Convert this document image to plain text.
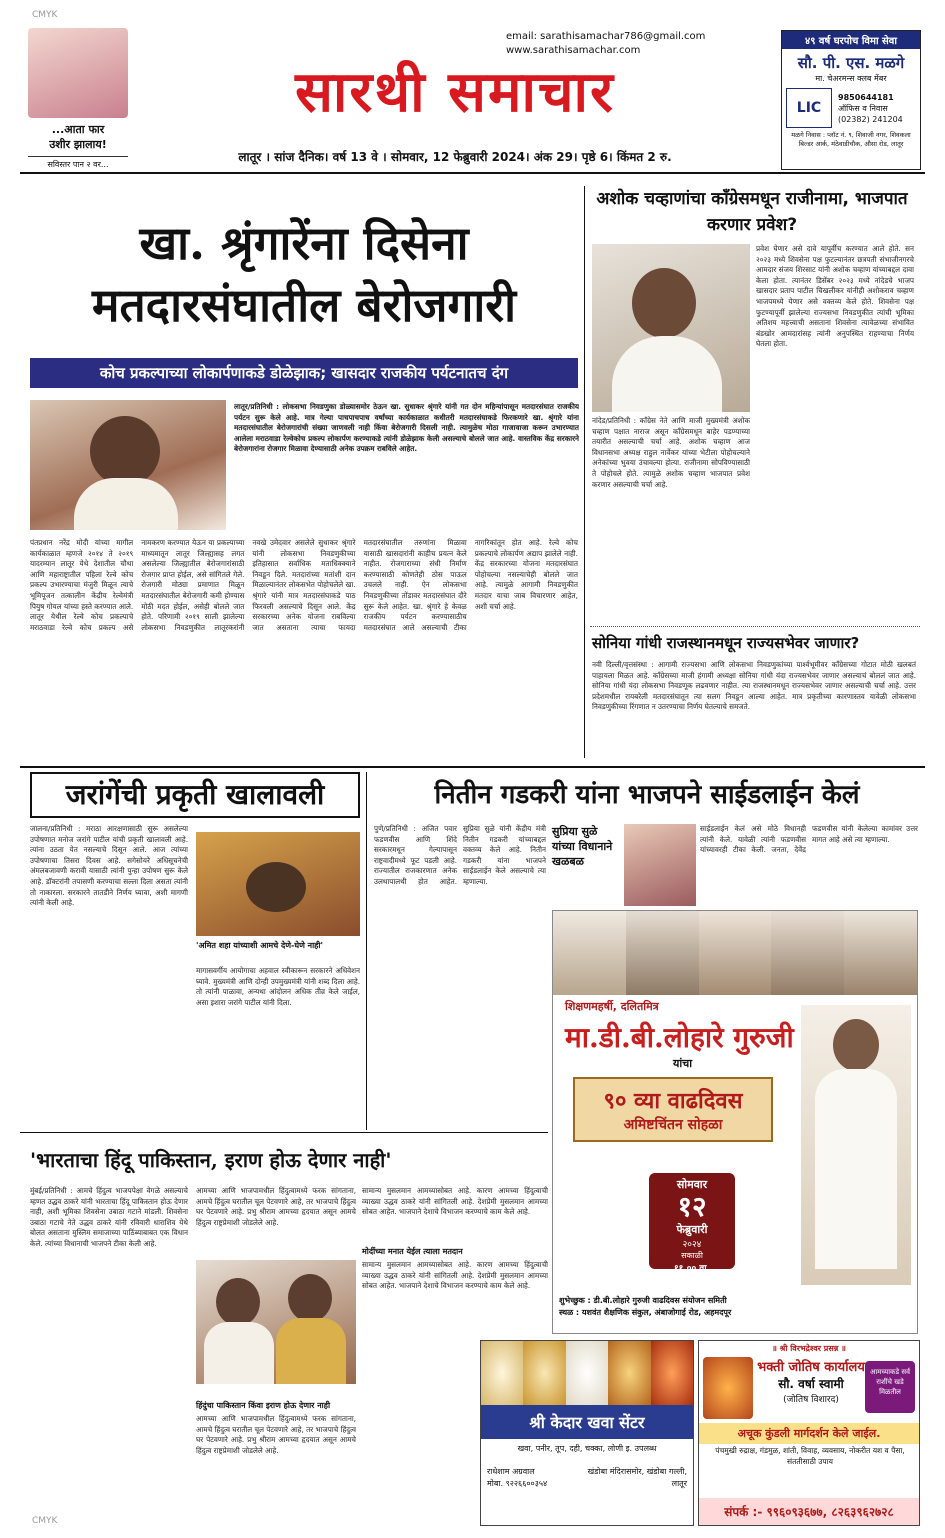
CMYK
...आता फार
उशीर झालाय!
सविस्तर पान २ वर...
email: sarathisamachar786@gmail.com
www.sarathisamachar.com
सारथी समाचार
लातूर । सांज दैनिक। वर्ष 13 वे । सोमवार, 12 फेब्रुवारी 2024। अंक 29। पृष्ठे 6। किंमत 2 रु.
४९ वर्ष घरपोच विमा सेवा
सौ. पी. एस. मळगे
मा. चेअरमन्स क्लब मेंबर
LIC
9850644181
ऑफिस व निवास
(02382) 241204
मळगे निवास : प्लॉट नं. ९, शिवाजी नगर, शिवकला बिल्डर आर्क, मंठेवाडीचौक, औसा रोड, लातूर
खा. श्रृंगारेंना दिसेना
मतदारसंघातील बेरोजगारी
कोच प्रकल्पाच्या लोकार्पणाकडे डोळेझाक; खासदार राजकीय पर्यटनातच दंग
लातूर/प्रतिनिधी : लोकसभा निवडणुका डोळ्यासमोर ठेऊन खा. सुधाकर श्रृंगारे यांनी गत दोन महिन्यांपासून मतदारसंघात राजकीय पर्यटन सुरू केले आहे. मात्र गेल्या पाचपाचपाच वर्षांच्या कार्यकाळात कधीतरी मतदारसंघाकडे फिरकणारे खा. श्रृंगारे यांना मतदारसंघातील बेरोजगारांची संख्या जाणवली नाही किंवा बेरोजगारी दिसली नाही. त्यामुळेच मोठा गाजावाजा करून उभारण्यात आलेला मराठवाडा रेल्वेकोच प्रकल्प लोकार्पण करण्याकडे त्यांनी डोळेझाक केली असल्याचे बोलले जात आहे. वास्तविक केंद्र सरकारने बेरोजगारांना रोजगार मिळावा देण्यासाठी अनेक उपक्रम राबविले आहेत.
पंतप्रधान नरेंद्र मोदी यांच्या मागील कार्यकाळात म्हणजे २०१४ ते २०१९ यादरम्यान लातूर येथे देशातील चौथा आणि महाराष्ट्रातील पहिला रेल्वे कोच प्रकल्प उभारण्याचा मंजुरी मिळून त्याचे भूमिपूजन तत्कालीन केंद्रीय रेल्वेमंत्री पियुष गोयल यांच्या हस्ते करण्यात आले. लातूर येथील रेल्वे कोच प्रकल्पाचे मराठवाडा रेल्वे कोच प्रकल्प असे नामकरण करण्यात येऊन या प्रकल्पाच्या माध्यमातून लातूर जिल्ह्यासह लगत असलेल्या जिल्ह्यातील बेरोजगारांसाठी रोजगार प्राप्त होईल, असे सांगितले गेले. रोजगारी मोठ्या प्रमाणात मिळून मतदारसंघातील बेरोजगारी कमी होण्यास मोठी मदत होईल, असेही बोलले जात होते. परिणामी २०१९ साली झालेल्या लोकसभा निवडणुकीत लातूरकरांनी नवखे उमेदवार असलेले सुधाकर श्रृंगारे यांनी लोकसभा निवडणुकीच्या इतिहासात सर्वाधिक मताधिक्क्याने निवडून दिले. मतदारांच्या मतांशी दान मिळाल्यानंतर लोकसभेत पोहोचलेले खा. श्रृंगारे यांनी मात्र मतदारसंघाकडे पाठ फिरवली असल्याचे दिसून आले. केंद्र सरकारच्या अनेक योजना राबविल्या जात असताना त्याचा फायदा मतदारसंघातील तरुणांना मिळावा यासाठी खासदारांनी काहीच प्रयत्न केले नाहीत. रोजगाराच्या संधी निर्माण करण्यासाठी कोणतेही ठोस पाऊल उचलले नाही. ऐन लोकसभा निवडणुकीच्या तोंडावर मतदारसंघात दौरे सुरू केले आहेत. खा. श्रृंगारे हे केवळ राजकीय पर्यटन करण्यासाठीच मतदारसंघात आले असल्याची टीका नागरिकांतून होत आहे. रेल्वे कोच प्रकल्पाचे लोकार्पण अद्याप झालेले नाही. केंद्र सरकारच्या योजना मतदारसंघात पोहोचल्या नसल्याचेही बोलले जात आहे. त्यामुळे आगामी निवडणुकीत मतदार याचा जाब विचारणार आहेत, अशी चर्चा आहे.
अशोक चव्हाणांचा काँग्रेसमधून राजीनामा, भाजपात करणार प्रवेश?
नांदेड/प्रतिनिधी : काँग्रेस नेते आणि माजी मुख्यमंत्री अशोक चव्हाण पक्षात नाराज असून काँग्रेसमधून बाहेर पडण्याच्या तयारीत असल्याची चर्चा आहे. अशोक चव्हाण आज विधानसभा अध्यक्ष राहुल नार्वेकर यांच्या भेटीला पोहोचल्याने अनेकांच्या भुवया उंचावल्या होत्या. राजीनामा सोपविण्यासाठी ते पोहोचले होते. त्यामुळे अशोक चव्हाण भाजपात प्रवेश करणार असल्याची चर्चा आहे.
प्रवेश घेणार असे दावे यापूर्वीच करण्यात आले होते. सन २०२३ मध्ये शिवसेना पक्ष फुटल्यानंतर छत्रपती संभाजीनगरचे आमदार संजय शिरसाट यांनी अशोक चव्हाण यांच्याबद्दल दावा केला होता. त्यानंतर डिसेंबर २०२३ मध्ये नांदेडचे भाजप खासदार प्रताप पाटील चिखलीकर यांनीही अशोकराव चव्हाण भाजपमध्ये येणार असे वक्तव्य केले होते. शिवसेना पक्ष फुटण्यापूर्वी झालेल्या राज्यसभा निवडणुकीत त्यांची भूमिका अतिशय महत्त्वाची असताना शिवसेना त्यावेळच्या संभावित बंडखोर आमदारांसह त्यांनी अनुपस्थित राहण्याचा निर्णय घेतला होता.
सोनिया गांधी राजस्थानमधून राज्यसभेवर जाणार?
नवी दिल्ली/वृत्तसंस्था : आगामी राज्यसभा आणि लोकसभा निवडणुकांच्या पार्श्वभूमीवर काँग्रेसच्या गोटात मोठी खलबतं पाहायला मिळत आहे. काँग्रेसच्या माजी हंगामी अध्यक्षा सोनिया गांधी यंदा राज्यसभेवर जाणार असल्याचं बोललं जात आहे. सोनिया गांधी यंदा लोकसभा निवडणूक लढवणार नाहीत. त्या राजस्थानमधून राज्यसभेवर जाणार असल्याची चर्चा आहे. उत्तर प्रदेशमधील रायबरेली मतदारसंघातून त्या सलग निवडून आल्या आहेत. मात्र प्रकृतीच्या कारणास्तव यावेळी लोकसभा निवडणुकीच्या रिंगणात न उतरण्याचा निर्णय घेतल्याचे समजते.
जरांगेंची प्रकृती खालावली
जालना/प्रतिनिधी : मराठा आरक्षणासाठी सुरू असलेल्या उपोषणात मनोज जरांगे पाटील यांची प्रकृती खालावली आहे. त्यांना उठता येत नसल्याचे दिसून आले. आज त्यांच्या उपोषणाचा तिसरा दिवस आहे. सगेसोयरे अधिसूचनेची अंमलबजावणी करावी यासाठी त्यांनी पुन्हा उपोषण सुरू केले आहे. डॉक्टरांनी तपासणी करण्याचा सल्ला दिला असता त्यांनी तो नाकारला. सरकारने तातडीने निर्णय घ्यावा, अशी मागणी त्यांनी केली आहे.
'अमित शहा यांच्याशी आमचे देणे-घेणे नाही'
मागासवर्गीय आयोगाचा अहवाल स्वीकारून सरकारने अधिवेशन घ्यावे. मुख्यमंत्री आणि दोन्ही उपमुख्यमंत्री यांनी शब्द दिला आहे. तो त्यांनी पाळावा, अन्यथा आंदोलन अधिक तीव्र केले जाईल, असा इशारा जरांगे पाटील यांनी दिला.
नितीन गडकरी यांना भाजपने साईडलाईन केलं
पुणे/प्रतिनिधी : अजित पवार फडणवीस आणि शिंदे सरकारमधून गेल्यापासून राष्ट्रवादीमध्ये फूट पडली आहे. राज्यातील राजकारणात अनेक उलथापालथी होत आहेत. सुप्रिया सुळे यांनी केंद्रीय मंत्री नितीन गडकरी यांच्याबद्दल वक्तव्य केले आहे. नितीन गडकरी यांना भाजपने साईडलाईन केले असल्याचे त्या म्हणाल्या.
सुप्रिया सुळे यांच्या विधानाने खळबळ
साईडलाईन केलं असे मोठे विधानही त्यांनी केले. यावेळी त्यांनी फडणवीस यांच्यावरही टीका केली. जनता, देवेंद्र फडणवीस यांनी केलेल्या कामांवर उत्तर मागत आहे असे त्या म्हणाल्या.
शिक्षणमहर्षी, दलितमित्र
मा.डी.बी.लोहारे गुरुजी
यांचा
९० व्या वाढदिवस
अमिष्टचिंतन सोहळा
सोमवार
१२
फेब्रुवारी
२०२४
सकाळी
११.०० वा.
शुभेच्छुक : डी.बी.लोहारे गुरुजी वाढदिवस संयोजन समिती
स्थळ : यशवंत शैक्षणिक संकुल, अंबाजोगाई रोड, अहमदपूर
'भारताचा हिंदू पाकिस्तान, इराण होऊ देणार नाही'
मुंबई/प्रतिनिधी : आमचे हिंदुत्व भाजपपेक्षा वेगळे असल्याचे म्हणत उद्धव ठाकरे यांनी भारताचा हिंदू पाकिस्तान होऊ देणार नाही, अशी भूमिका शिवसेना उबाठा गटाने मांडली. शिवसेना उबाठा गटाचे नेते उद्धव ठाकरे यांनी रविवारी धाराशिव येथे बोलत असताना मुस्लिम समाजाच्या पाठिंब्याबाबत एक विधान केले. त्यांच्या विधानाची भाजपने टीका केली आहे.
आमच्या आणि भाजपामधील हिंदुत्वामध्ये फरक सांगताना, आमचे हिंदुत्व घरातील चूल पेटवणारे आहे, तर भाजपाचे हिंदुत्व घर पेटवणारे आहे. प्रभु श्रीराम आमच्या हृदयात असून आमचे हिंदुत्व राष्ट्रप्रेमाशी जोडलेले आहे.
हिंदुंचा पाकिस्तान किंवा इराण होऊ देणार नाही
आमच्या आणि भाजपामधील हिंदुत्वामध्ये फरक सांगताना, आमचे हिंदुत्व घरातील चूल पेटवणारे आहे, तर भाजपाचे हिंदुत्व घर पेटवणारे आहे. प्रभु श्रीराम आमच्या हृदयात असून आमचे हिंदुत्व राष्ट्रप्रेमाशी जोडलेले आहे.
सामान्य मुसलमान आमच्यासोबत आहे. कारण आमच्या हिंदुत्वाची व्याख्या उद्धव ठाकरे यांनी सांगितली आहे. देशप्रेमी मुसलमान आमच्या सोबत आहेत. भाजपाने देशाचे विभाजन करण्याचे काम केले आहे.
मोदींच्या मनात येईल त्याला मतदान
सामान्य मुसलमान आमच्यासोबत आहे. कारण आमच्या हिंदुत्वाची व्याख्या उद्धव ठाकरे यांनी सांगितली आहे. देशप्रेमी मुसलमान आमच्या सोबत आहेत. भाजपाने देशाचे विभाजन करण्याचे काम केले आहे.
श्री केदार खवा सेंटर
खवा, पनीर, तूप, दही, चक्का, लोणी इ. उपलब्ध
राधेशाम अग्रवाल
मोबा. ९२२६६००३५४
खंडोबा मंदिरासमोर, खंडोबा गल्ली, लातूर
॥ श्री विरभद्रेश्वर प्रसन्न ॥
भक्ती जोतिष कार्यालय
सौ. वर्षा स्वामी
(जोतिष विशारद)
आमच्याकडे सर्व राशींचे खडे मिळतील
अचूक कुंडली मार्गदर्शन केले जाईल.
पंचमुखी रुद्राक्ष, गंडमुळ, शांती, विवाह, व्यवसाय, नोकरीत यश व पैसा, संततीसाठी उपाय
संपर्क :- ९९६०९३६७७, ८२६३९६२७२८
CMYK
